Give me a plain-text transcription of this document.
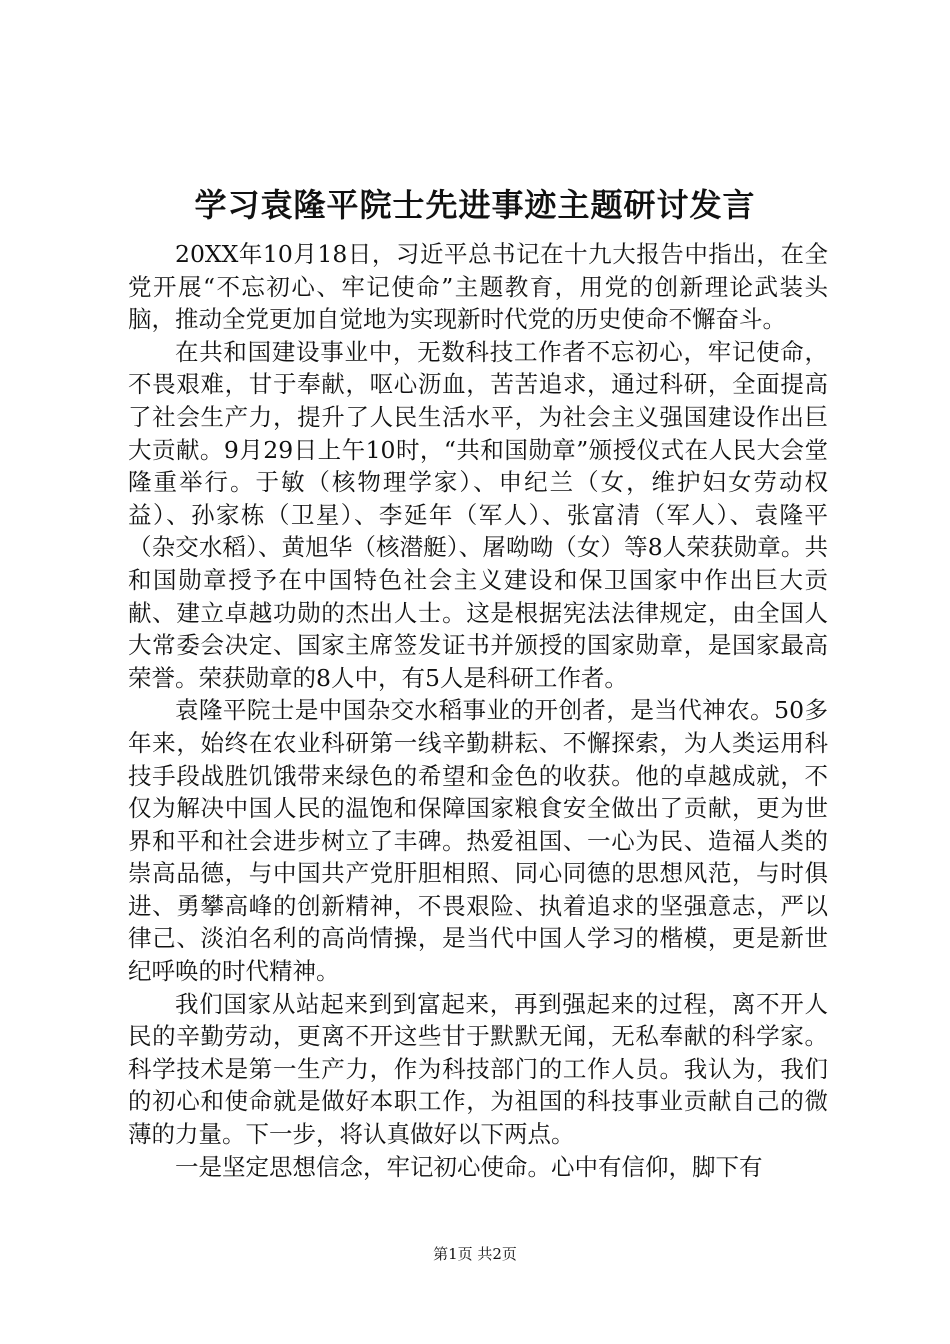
学习袁隆平院士先进事迹主题研讨发言

20XX年10月18日，习近平总书记在十九大报告中指出，在全党开展“不忘初心、牢记使命”主题教育，用党的创新理论武装头脑，推动全党更加自觉地为实现新时代党的历史使命不懈奋斗。

在共和国建设事业中，无数科技工作者不忘初心，牢记使命，不畏艰难，甘于奉献，呕心沥血，苦苦追求，通过科研，全面提高了社会生产力，提升了人民生活水平，为社会主义强国建设作出巨大贡献。9月29日上午10时，“共和国勋章”颁授仪式在人民大会堂隆重举行。于敏（核物理学家）、申纪兰（女，维护妇女劳动权益）、孙家栋（卫星）、李延年（军人）、张富清（军人）、袁隆平（杂交水稻）、黄旭华（核潜艇）、屠呦呦（女）等8人荣获勋章。共和国勋章授予在中国特色社会主义建设和保卫国家中作出巨大贡献、建立卓越功勋的杰出人士。这是根据宪法法律规定，由全国人大常委会决定、国家主席签发证书并颁授的国家勋章，是国家最高荣誉。荣获勋章的8人中，有5人是科研工作者。

袁隆平院士是中国杂交水稻事业的开创者，是当代神农。50多年来，始终在农业科研第一线辛勤耕耘、不懈探索，为人类运用科技手段战胜饥饿带来绿色的希望和金色的收获。他的卓越成就，不仅为解决中国人民的温饱和保障国家粮食安全做出了贡献，更为世界和平和社会进步树立了丰碑。热爱祖国、一心为民、造福人类的崇高品德，与中国共产党肝胆相照、同心同德的思想风范，与时俱进、勇攀高峰的创新精神，不畏艰险、执着追求的坚强意志，严以律己、淡泊名利的高尚情操，是当代中国人学习的楷模，更是新世纪呼唤的时代精神。

我们国家从站起来到到富起来，再到强起来的过程，离不开人民的辛勤劳动，更离不开这些甘于默默无闻，无私奉献的科学家。科学技术是第一生产力，作为科技部门的工作人员。我认为，我们的初心和使命就是做好本职工作，为祖国的科技事业贡献自己的微薄的力量。下一步，将认真做好以下两点。

一是坚定思想信念，牢记初心使命。心中有信仰，脚下有

第1页 共2页
